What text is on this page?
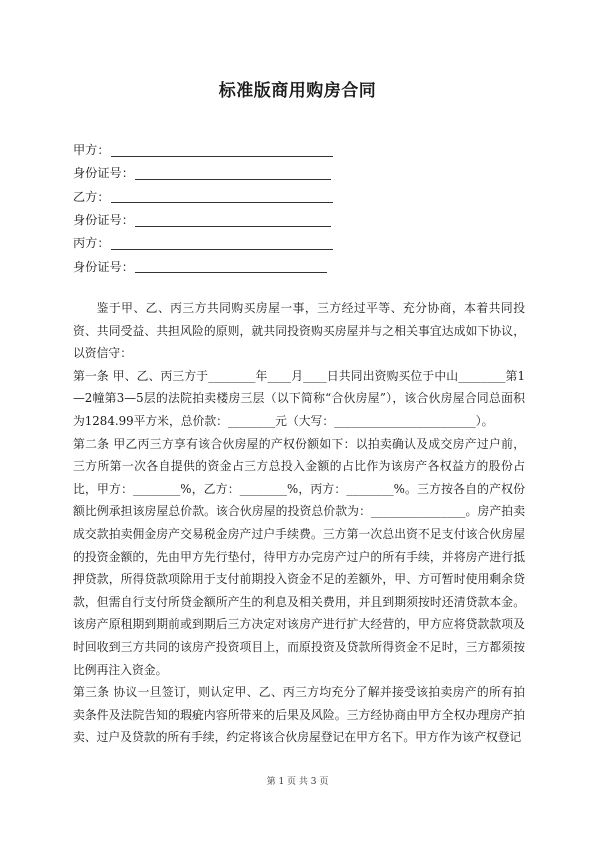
标准版商用购房合同
甲方：
身份证号：
乙方：
身份证号：
丙方：
身份证号：

鉴于甲、乙、丙三方共同购买房屋一事，三方经过平等、充分协商，本着共同投资、共同受益、共担风险的原则，就共同投资购买房屋并与之相关事宜达成如下协议，以资信守：

第一条 甲、乙、丙三方于________年____月____日共同出资购买位于中山________第1—2幢第3—5层的法院拍卖楼房三层（以下简称“合伙房屋”），该合伙房屋合同总面积为1284.99平方米，总价款：________元（大写：________________________）。

第二条 甲乙丙三方享有该合伙房屋的产权份额如下：以拍卖确认及成交房产过户前，三方所第一次各自提供的资金占三方总投入金额的占比作为该房产各权益方的股份占比，甲方：________%，乙方：________%，丙方：________%。三方按各自的产权份额比例承担该房屋总价款。该合伙房屋的投资总价款为：________________。房产拍卖成交款拍卖佣金房产交易税金房产过户手续费。三方第一次总出资不足支付该合伙房屋的投资金额的，先由甲方先行垫付，待甲方办完房产过户的所有手续，并将房产进行抵押贷款，所得贷款项除用于支付前期投入资金不足的差额外，甲、方可暂时使用剩余贷款，但需自行支付所贷金额所产生的利息及相关费用，并且到期须按时还清贷款本金。该房产原租期到期前或到期后三方决定对该房产进行扩大经营的，甲方应将贷款款项及时回收到三方共同的该房产投资项目上，而原投资及贷款所得资金不足时，三方都须按比例再注入资金。

第三条 协议一旦签订，则认定甲、乙、丙三方均充分了解并接受该拍卖房产的所有拍卖条件及法院告知的瑕疵内容所带来的后果及风险。三方经协商由甲方全权办理房产拍卖、过户及贷款的所有手续，约定将该合伙房屋登记在甲方名下。甲方作为该产权登记

第 1 页 共 3 页
